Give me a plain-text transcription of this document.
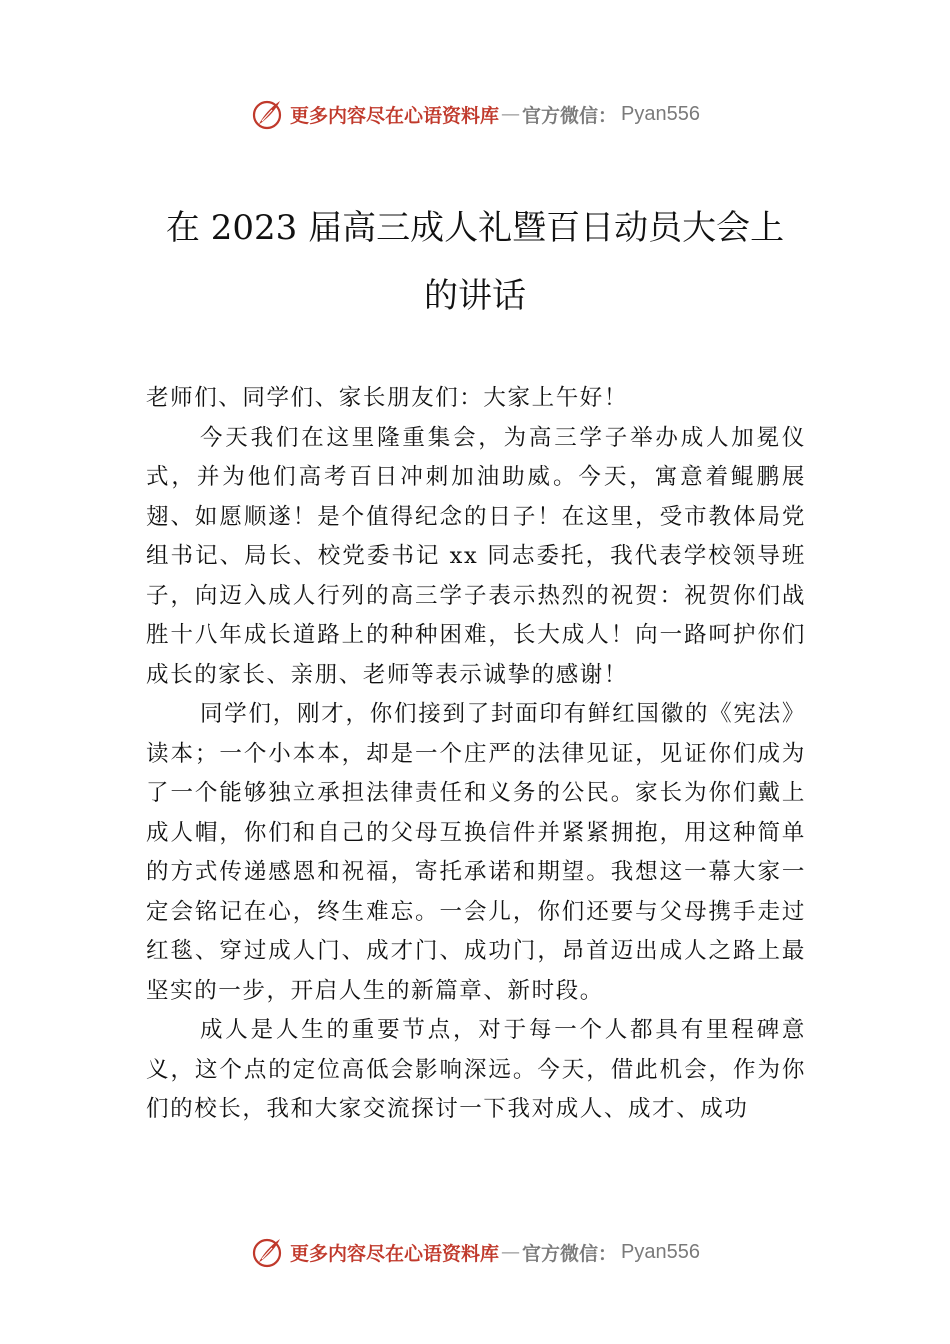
更多内容尽在心语资料库 — 官方微信： Pyan556
在 2023 届高三成人礼暨百日动员大会上
的讲话

老师们、同学们、家长朋友们：大家上午好！

今天我们在这里隆重集会，为高三学子举办成人加冕仪式，并为他们高考百日冲刺加油助威。今天，寓意着鲲鹏展翅、如愿顺遂！是个值得纪念的日子！在这里，受市教体局党组书记、局长、校党委书记 xx 同志委托，我代表学校领导班子，向迈入成人行列的高三学子表示热烈的祝贺：祝贺你们战胜十八年成长道路上的种种困难，长大成人！向一路呵护你们成长的家长、亲朋、老师等表示诚挚的感谢！

同学们，刚才，你们接到了封面印有鲜红国徽的《宪法》读本；一个小本本，却是一个庄严的法律见证，见证你们成为了一个能够独立承担法律责任和义务的公民。家长为你们戴上成人帽，你们和自己的父母互换信件并紧紧拥抱，用这种简单的方式传递感恩和祝福，寄托承诺和期望。我想这一幕大家一定会铭记在心，终生难忘。一会儿，你们还要与父母携手走过红毯、穿过成人门、成才门、成功门，昂首迈出成人之路上最坚实的一步，开启人生的新篇章、新时段。

成人是人生的重要节点，对于每一个人都具有里程碑意义，这个点的定位高低会影响深远。今天，借此机会，作为你们的校长，我和大家交流探讨一下我对成人、成才、成功

更多内容尽在心语资料库 — 官方微信： Pyan556
